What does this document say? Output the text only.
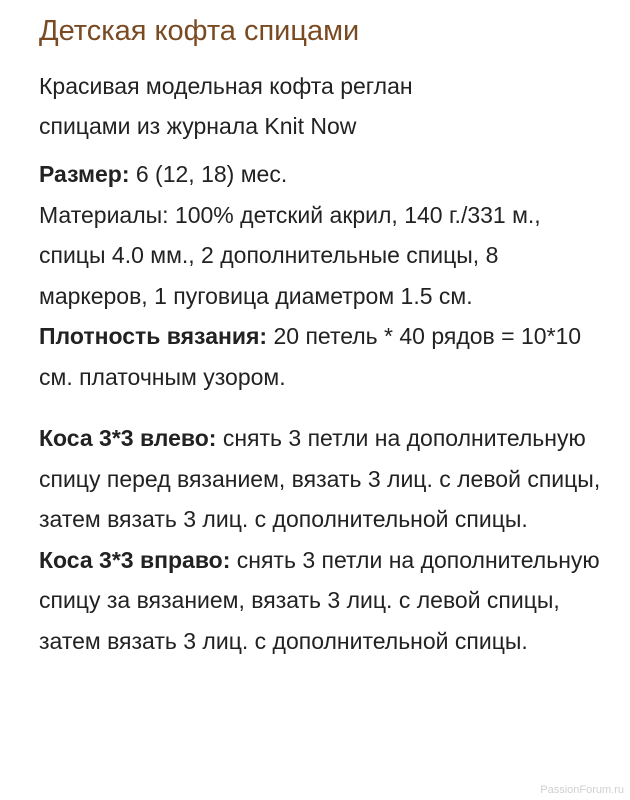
Детская кофта спицами

Красивая модельная кофта реглан спицами из журнала Knit Now

Размер: 6 (12, 18) мес.

Материалы: 100% детский акрил, 140 г./331 м., спицы 4.0 мм., 2 дополнительные спицы, 8 маркеров, 1 пуговица диаметром 1.5 см.

Плотность вязания: 20 петель * 40 рядов = 10*10 см. платочным узором.

Коса 3*3 влево: снять 3 петли на дополнительную спицу перед вязанием, вязать 3 лиц. с левой спицы, затем вязать 3 лиц. с дополнительной спицы.

Коса 3*3 вправо: снять 3 петли на дополнительную спицу за вязанием, вязать 3 лиц. с левой спицы, затем вязать 3 лиц. с дополнительной спицы.

PassionForum.ru
